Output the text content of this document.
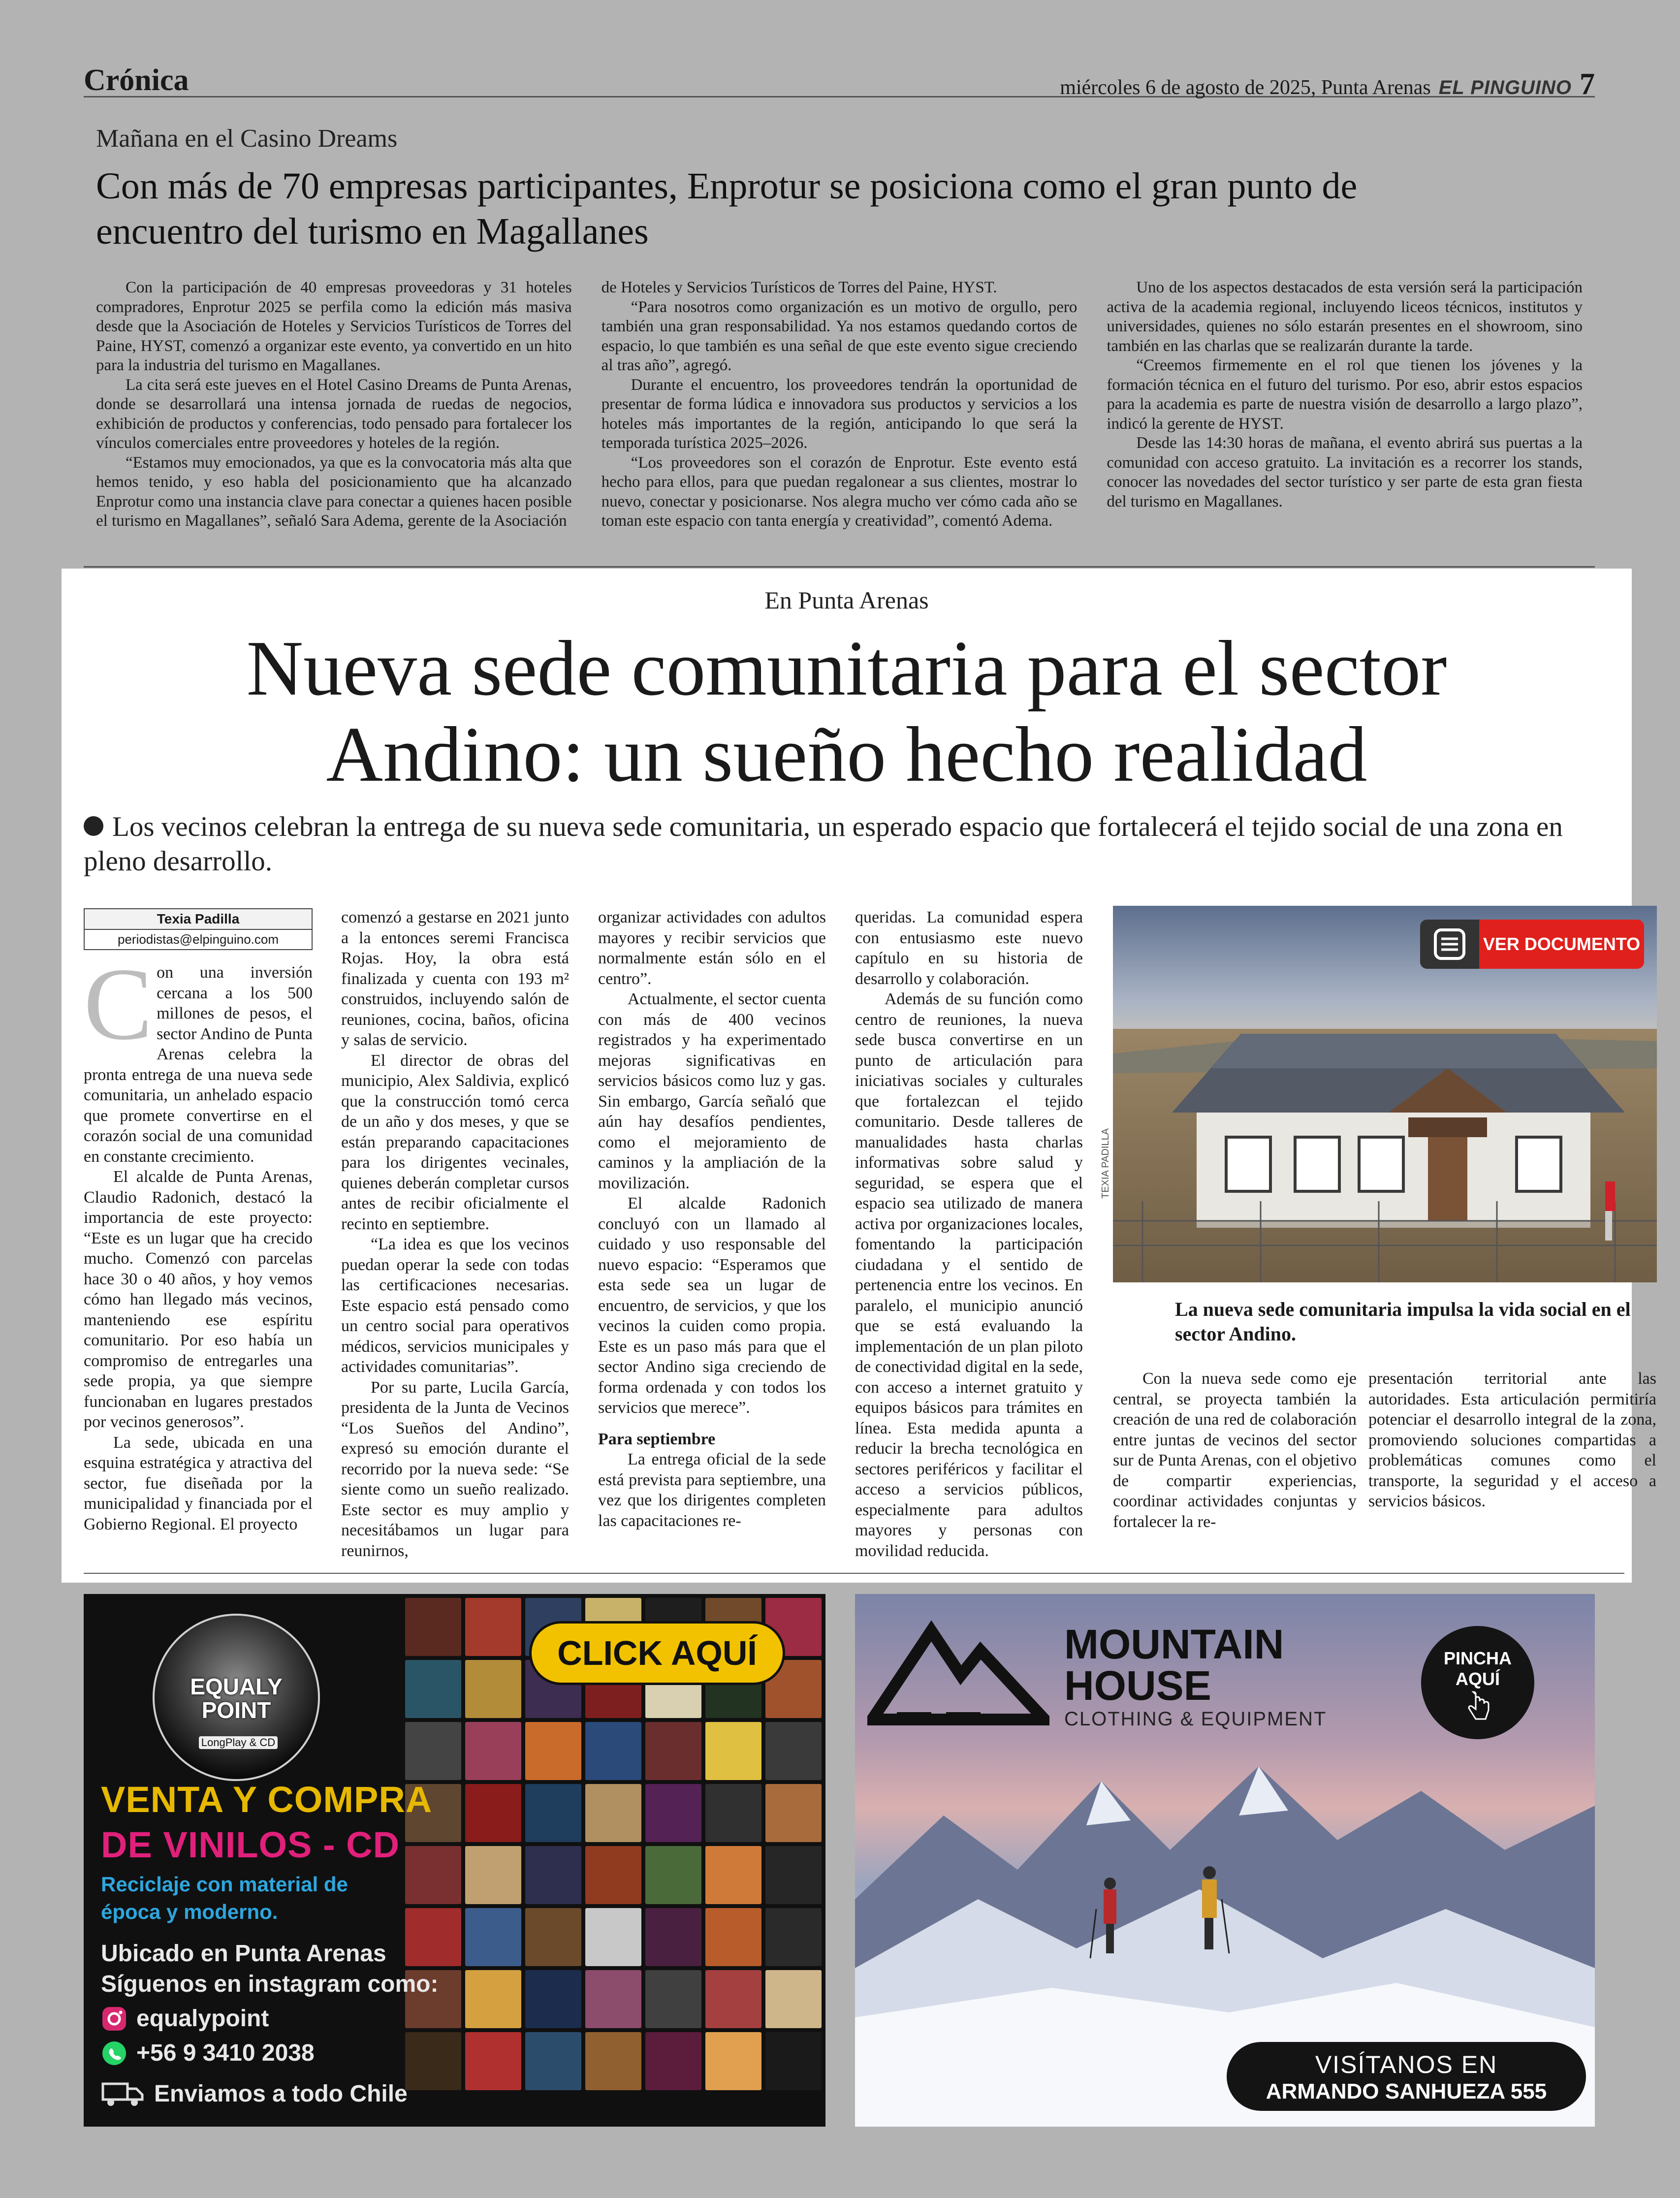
Crónica	miércoles 6 de agosto de 2025, Punta Arenas EL PINGUINO 7
Mañana en el Casino Dreams
Con más de 70 empresas participantes, Enprotur se posiciona como el gran punto de encuentro del turismo en Magallanes

Con la participación de 40 empresas proveedoras y 31 hoteles compradores, Enprotur 2025 se perfila como la edición más masiva desde que la Asociación de Hoteles y Servicios Turísticos de Torres del Paine, HYST, comenzó a organizar este evento, ya convertido en un hito para la industria del turismo en Magallanes.

La cita será este jueves en el Hotel Casino Dreams de Punta Arenas, donde se desarrollará una intensa jornada de ruedas de negocios, exhibición de productos y conferencias, todo pensado para fortalecer los vínculos comerciales entre proveedores y hoteles de la región.

“Estamos muy emocionados, ya que es la convocatoria más alta que hemos tenido, y eso habla del posicionamiento que ha alcanzado Enprotur como una instancia clave para conectar a quienes hacen posible el turismo en Magallanes”, señaló Sara Adema, gerente de la Asociación

de Hoteles y Servicios Turísticos de Torres del Paine, HYST.

“Para nosotros como organización es un motivo de orgullo, pero también una gran responsabilidad. Ya nos estamos quedando cortos de espacio, lo que también es una señal de que este evento sigue creciendo al tras año”, agregó.

Durante el encuentro, los proveedores tendrán la oportunidad de presentar de forma lúdica e innovadora sus productos y servicios a los hoteles más importantes de la región, anticipando lo que será la temporada turística 2025–2026.

“Los proveedores son el corazón de Enprotur. Este evento está hecho para ellos, para que puedan regalonear a sus clientes, mostrar lo nuevo, conectar y posicionarse. Nos alegra mucho ver cómo cada año se toman este espacio con tanta energía y creatividad”, comentó Adema.

Uno de los aspectos destacados de esta versión será la participación activa de la academia regional, incluyendo liceos técnicos, institutos y universidades, quienes no sólo estarán presentes en el showroom, sino también en las charlas que se realizarán durante la tarde.

“Creemos firmemente en el rol que tienen los jóvenes y la formación técnica en el futuro del turismo. Por eso, abrir estos espacios para la academia es parte de nuestra visión de desarrollo a largo plazo”, indicó la gerente de HYST.

Desde las 14:30 horas de mañana, el evento abrirá sus puertas a la comunidad con acceso gratuito. La invitación es a recorrer los stands, conocer las novedades del sector turístico y ser parte de esta gran fiesta del turismo en Magallanes.

En Punta Arenas
Nueva sede comunitaria para el sector
Andino: un sueño hecho realidad
Los vecinos celebran la entrega de su nueva sede comunitaria, un esperado espacio que fortalecerá el tejido social de una zona en pleno desarrollo.
Texia Padilla
periodistas@elpinguino.com

Con una inversión cercana a los 500 millones de pesos, el sector Andino de Punta Arenas celebra la pronta entrega de una nueva sede comunitaria, un anhelado espacio que promete convertirse en el corazón social de una comunidad en constante crecimiento.

El alcalde de Punta Arenas, Claudio Radonich, destacó la importancia de este proyecto: “Este es un lugar que ha crecido mucho. Comenzó con parcelas hace 30 o 40 años, y hoy vemos cómo han llegado más vecinos, manteniendo ese espíritu comunitario. Por eso había un compromiso de entregarles una sede propia, ya que siempre funcionaban en lugares prestados por vecinos generosos”.

La sede, ubicada en una esquina estratégica y atractiva del sector, fue diseñada por la municipalidad y financiada por el Gobierno Regional. El proyecto

comenzó a gestarse en 2021 junto a la entonces seremi Francisca Rojas. Hoy, la obra está finalizada y cuenta con 193 m² construidos, incluyendo salón de reuniones, cocina, baños, oficina y salas de servicio.

El director de obras del municipio, Alex Saldivia, explicó que la construcción tomó cerca de un año y dos meses, y que se están preparando capacitaciones para los dirigentes vecinales, quienes deberán completar cursos antes de recibir oficialmente el recinto en septiembre.

“La idea es que los vecinos puedan operar la sede con todas las certificaciones necesarias. Este espacio está pensado como un centro social para operativos médicos, servicios municipales y actividades comunitarias”.

Por su parte, Lucila García, presidenta de la Junta de Vecinos “Los Sueños del Andino”, expresó su emoción durante el recorrido por la nueva sede: “Se siente como un sueño realizado. Este sector es muy amplio y necesitábamos un lugar para reunirnos,

organizar actividades con adultos mayores y recibir servicios que normalmente están sólo en el centro”.

Actualmente, el sector cuenta con más de 400 vecinos registrados y ha experimentado mejoras significativas en servicios básicos como luz y gas. Sin embargo, García señaló que aún hay desafíos pendientes, como el mejoramiento de caminos y la ampliación de la movilización.

El alcalde Radonich concluyó con un llamado al cuidado y uso responsable del nuevo espacio: “Esperamos que esta sede sea un lugar de encuentro, de servicios, y que los vecinos la cuiden como propia. Este es un paso más para que el sector Andino siga creciendo de forma ordenada y con todos los servicios que merece”.

Para septiembre

La entrega oficial de la sede está prevista para septiembre, una vez que los dirigentes completen las capacitaciones re-

queridas. La comunidad espera con entusiasmo este nuevo capítulo en su historia de desarrollo y colaboración.

Además de su función como centro de reuniones, la nueva sede busca convertirse en un punto de articulación para iniciativas sociales y culturales que fortalezcan el tejido comunitario. Desde talleres de manualidades hasta charlas informativas sobre salud y seguridad, se espera que el espacio sea utilizado de manera activa por organizaciones locales, fomentando la participación ciudadana y el sentido de pertenencia entre los vecinos. En paralelo, el municipio anunció que se está evaluando la implementación de un plan piloto de conectividad digital en la sede, con acceso a internet gratuito y equipos básicos para trámites en línea. Esta medida apunta a reducir la brecha tecnológica en sectores periféricos y facilitar el acceso a servicios públicos, especialmente para adultos mayores y personas con movilidad reducida.

TEXIA PADILLA
VER DOCUMENTO
La nueva sede comunitaria impulsa la vida social en el sector Andino.

Con la nueva sede como eje central, se proyecta también la creación de una red de colaboración entre juntas de vecinos del sector sur de Punta Arenas, con el objetivo de compartir experiencias, coordinar actividades conjuntas y fortalecer la re-

presentación territorial ante las autoridades. Esta articulación permitiría potenciar el desarrollo integral de la zona, promoviendo soluciones compartidas a problemáticas comunes como el transporte, la seguridad y el acceso a servicios básicos.

CLICK AQUÍ
EQUALY POINT
LongPlay & CD
VENTA Y COMPRA
DE VINILOS - CD
Reciclaje con material de época y moderno.
Ubicado en Punta Arenas
Síguenos en instagram como:
equalypoint
+56 9 3410 2038
Enviamos a todo Chile
MOUNTAIN
HOUSE
CLOTHING & EQUIPMENT
PINCHA
AQUÍ
VISÍTANOS EN
ARMANDO SANHUEZA 555
